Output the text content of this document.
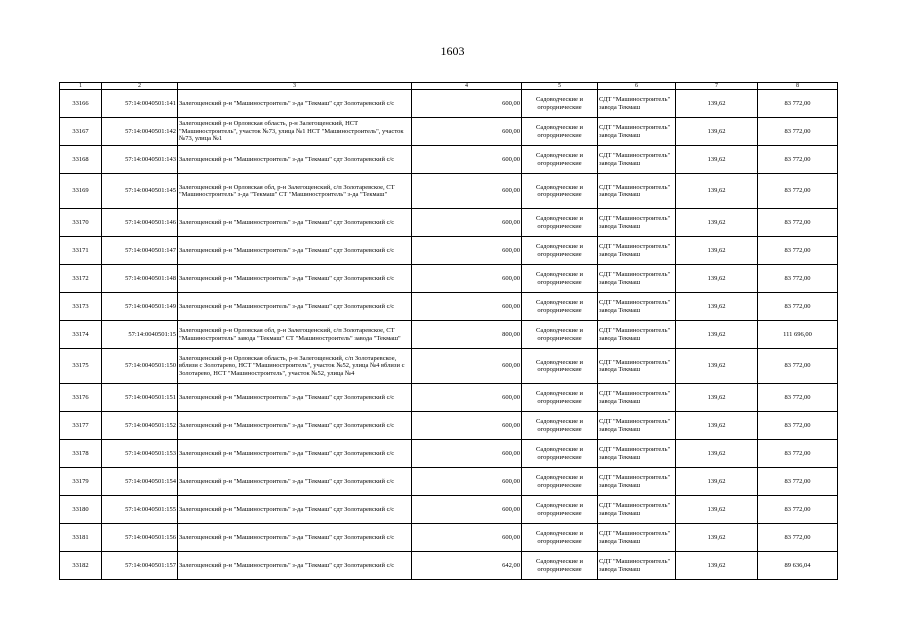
1603
1	2	3	4	5	6	7	8
33166	57:14:0040501:141	Залегощенский р-н "Машиностроитель" з-да "Текмаш" сдт Золотаревский с/с	600,00	Садоводческие и огороднические	СДТ "Машиностроитель" завода Текмаш	139,62	83 772,00
33167	57:14:0040501:142	Залегощенский р-н Орловская область, р-н Залегощенский, НСТ "Машиностроитель", участок №73, улица №1 НСТ "Машиностроитель", участок №73, улица №1	600,00	Садоводческие и огороднические	СДТ "Машиностроитель" завода Текмаш	139,62	83 772,00
33168	57:14:0040501:143	Залегощенский р-н "Машиностроитель" з-да "Текмаш" сдт Золотаревский с/с	600,00	Садоводческие и огороднические	СДТ "Машиностроитель" завода Текмаш	139,62	83 772,00
33169	57:14:0040501:145	Залегощенский р-н Орловская обл, р-н Залегощенский, с/п Золотаревское, СТ "Машиностроитель" з-да "Текмаш" СТ "Машиностроитель" з-да "Текмаш"	600,00	Садоводческие и огороднические	СДТ "Машиностроитель" завода Текмаш	139,62	83 772,00
33170	57:14:0040501:146	Залегощенский р-н "Машиностроитель" з-да "Текмаш" сдт Золотаревский с/с	600,00	Садоводческие и огороднические	СДТ "Машиностроитель" завода Текмаш	139,62	83 772,00
33171	57:14:0040501:147	Залегощенский р-н "Машиностроитель" з-да "Текмаш" сдт Золотаревский с/с	600,00	Садоводческие и огороднические	СДТ "Машиностроитель" завода Текмаш	139,62	83 772,00
33172	57:14:0040501:148	Залегощенский р-н "Машиностроитель" з-да "Текмаш" сдт Золотаревский с/с	600,00	Садоводческие и огороднические	СДТ "Машиностроитель" завода Текмаш	139,62	83 772,00
33173	57:14:0040501:149	Залегощенский р-н "Машиностроитель" з-да "Текмаш" сдт Золотаревский с/с	600,00	Садоводческие и огороднические	СДТ "Машиностроитель" завода Текмаш	139,62	83 772,00
33174	57:14:0040501:15	Залегощенский р-н Орловская обл, р-н Залегощенский, с/п Золотаревское, СТ "Машиностроитель" завода "Текмаш" СТ "Машиностроитель" завода "Текмаш"	800,00	Садоводческие и огороднические	СДТ "Машиностроитель" завода Текмаш	139,62	111 696,00
33175	57:14:0040501:150	Залегощенский р-н Орловская область, р-н Залегощенский, с/п Золотаревское, вблизи с Золотарево, НСТ "Машиностроитель", участок №52, улица №4 вблизи с Золотарево, НСТ "Машиностроитель", участок №52, улица №4	600,00	Садоводческие и огороднические	СДТ "Машиностроитель" завода Текмаш	139,62	83 772,00
33176	57:14:0040501:151	Залегощенский р-н "Машиностроитель" з-да "Текмаш" сдт Золотаревский с/с	600,00	Садоводческие и огороднические	СДТ "Машиностроитель" завода Текмаш	139,62	83 772,00
33177	57:14:0040501:152	Залегощенский р-н "Машиностроитель" з-да "Текмаш" сдт Золотаревский с/с	600,00	Садоводческие и огороднические	СДТ "Машиностроитель" завода Текмаш	139,62	83 772,00
33178	57:14:0040501:153	Залегощенский р-н "Машиностроитель" з-да "Текмаш" сдт Золотаревский с/с	600,00	Садоводческие и огороднические	СДТ "Машиностроитель" завода Текмаш	139,62	83 772,00
33179	57:14:0040501:154	Залегощенский р-н "Машиностроитель" з-да "Текмаш" сдт Золотаревский с/с	600,00	Садоводческие и огороднические	СДТ "Машиностроитель" завода Текмаш	139,62	83 772,00
33180	57:14:0040501:155	Залегощенский р-н "Машиностроитель" з-да "Текмаш" сдт Золотаревский с/с	600,00	Садоводческие и огороднические	СДТ "Машиностроитель" завода Текмаш	139,62	83 772,00
33181	57:14:0040501:156	Залегощенский р-н "Машиностроитель" з-да "Текмаш" сдт Золотаревский с/с	600,00	Садоводческие и огороднические	СДТ "Машиностроитель" завода Текмаш	139,62	83 772,00
33182	57:14:0040501:157	Залегощенский р-н "Машиностроитель" з-да "Текмаш" сдт Золотаревский с/с	642,00	Садоводческие и огороднические	СДТ "Машиностроитель" завода Текмаш	139,62	89 636,04
